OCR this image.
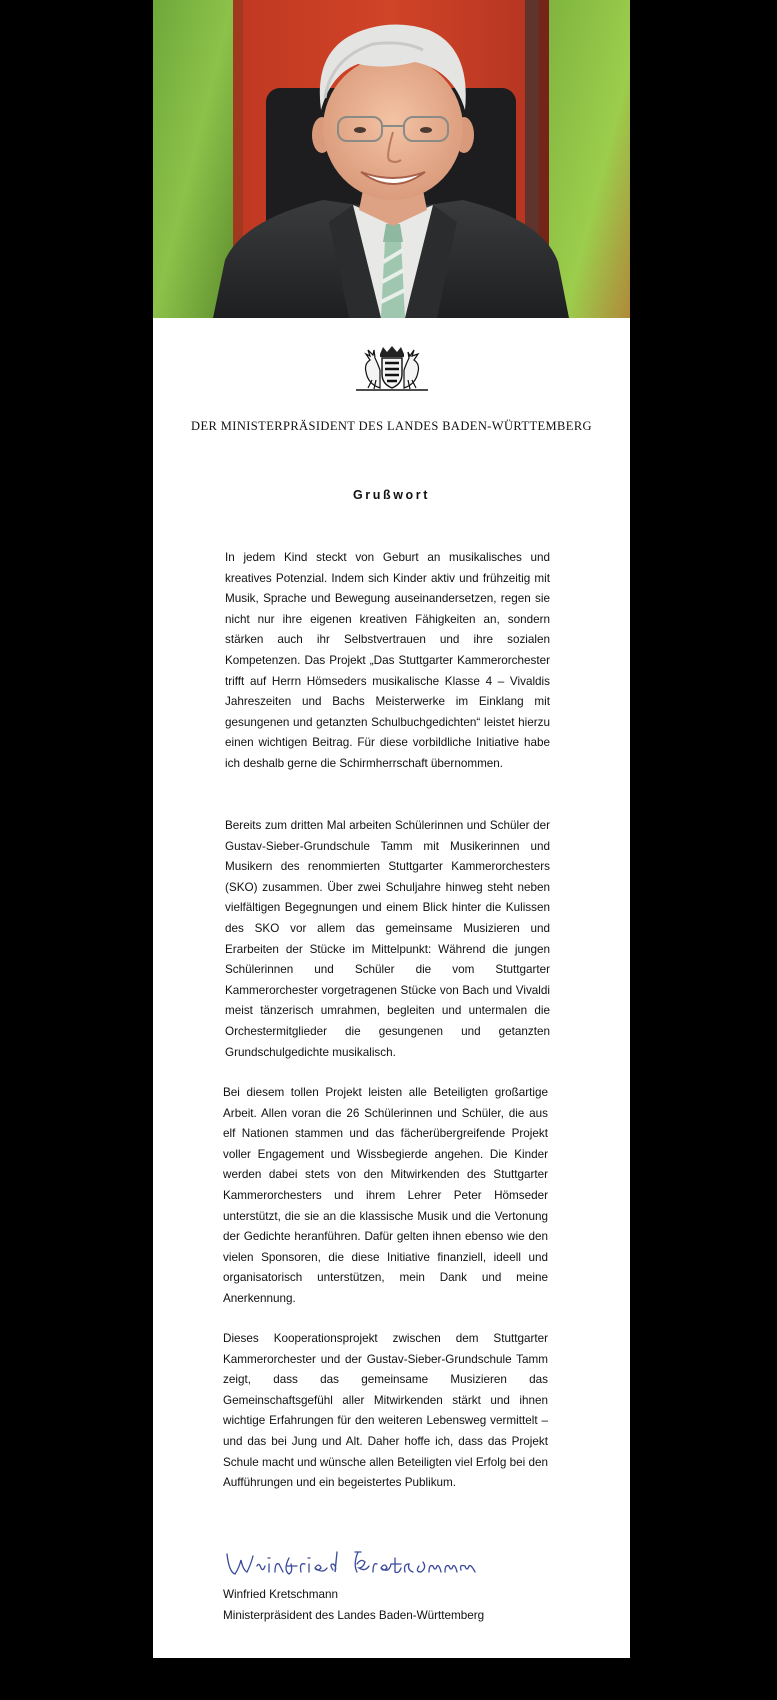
DER MINISTERPRÄSIDENT DES LANDES BADEN-WÜRTTEMBERG
Grußwort

In jedem Kind steckt von Geburt an musikalisches und kreatives Potenzial. Indem sich Kinder aktiv und frühzeitig mit Musik, Sprache und Bewegung auseinandersetzen, regen sie nicht nur ihre eigenen kreativen Fähigkeiten an, sondern stärken auch ihr Selbstvertrauen und ihre sozialen Kompetenzen. Das Projekt „Das Stuttgarter Kammerorchester trifft auf Herrn Hömseders musikalische Klasse 4 – Vivaldis Jahreszeiten und Bachs Meisterwerke im Einklang mit gesungenen und getanzten Schulbuchgedichten“ leistet hierzu einen wichtigen Beitrag. Für diese vorbildliche Initiative habe ich deshalb gerne die Schirmherrschaft übernommen.

Bereits zum dritten Mal arbeiten Schülerinnen und Schüler der Gustav-Sieber-Grundschule Tamm mit Musikerinnen und Musikern des renommierten Stuttgarter Kammerorchesters (SKO) zusammen. Über zwei Schuljahre hinweg steht neben vielfältigen Begegnungen und einem Blick hinter die Kulissen des SKO vor allem das gemeinsame Musizieren und Erarbeiten der Stücke im Mittelpunkt: Während die jungen Schülerinnen und Schüler die vom Stuttgarter Kammerorchester vorgetragenen Stücke von Bach und Vivaldi meist tänzerisch umrahmen, begleiten und untermalen die Orchestermitglieder die gesungenen und getanzten Grundschulgedichte musikalisch.

Bei diesem tollen Projekt leisten alle Beteiligten großartige Arbeit. Allen voran die 26 Schülerinnen und Schüler, die aus elf Nationen stammen und das fächerübergreifende Projekt voller Engagement und Wissbegierde angehen. Die Kinder werden dabei stets von den Mitwirkenden des Stuttgarter Kammerorchesters und ihrem Lehrer Peter Hömseder unterstützt, die sie an die klassische Musik und die Vertonung der Gedichte heranführen. Dafür gelten ihnen ebenso wie den vielen Sponsoren, die diese Initiative finanziell, ideell und organisatorisch unterstützen, mein Dank und meine Anerkennung.

Dieses Kooperationsprojekt zwischen dem Stuttgarter Kammerorchester und der Gustav-Sieber-Grundschule Tamm zeigt, dass das gemeinsame Musizieren das Gemeinschaftsgefühl aller Mitwirkenden stärkt und ihnen wichtige Erfahrungen für den weiteren Lebensweg vermittelt – und das bei Jung und Alt. Daher hoffe ich, dass das Projekt Schule macht und wünsche allen Beteiligten viel Erfolg bei den Aufführungen und ein begeistertes Publikum.

Winfried Kretschmann
Ministerpräsident des Landes Baden-Württemberg
